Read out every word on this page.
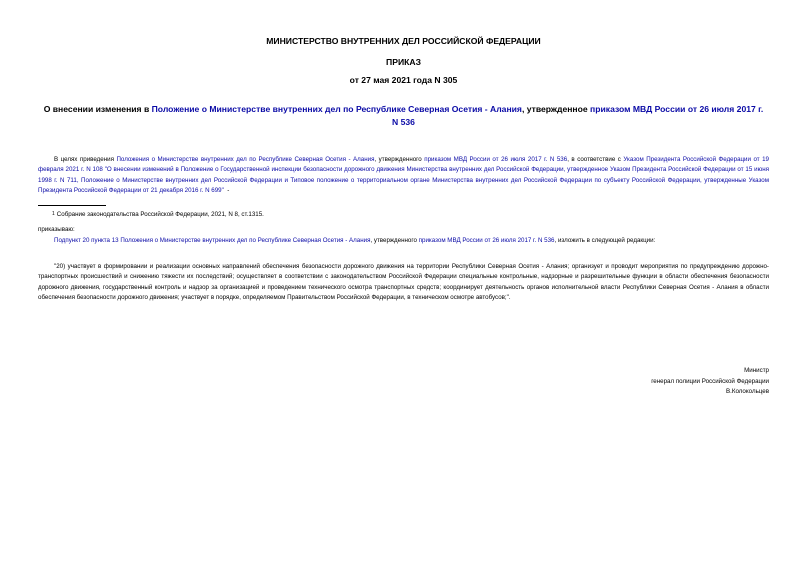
МИНИСТЕРСТВО ВНУТРЕННИХ ДЕЛ РОССИЙСКОЙ ФЕДЕРАЦИИ
ПРИКАЗ
от 27 мая 2021 года N 305
О внесении изменения в Положение о Министерстве внутренних дел по Республике Северная Осетия - Алания, утвержденное приказом МВД России от 26 июля 2017 г. N 536
В целях приведения Положения о Министерстве внутренних дел по Республике Северная Осетия - Алания, утвержденного приказом МВД России от 26 июля 2017 г. N 536, в соответствие с Указом Президента Российской Федерации от 19 февраля 2021 г. N 108 "О внесении изменений в Положение о Государственной инспекции безопасности дорожного движения Министерства внутренних дел Российской Федерации, утвержденное Указом Президента Российской Федерации от 15 июня 1998 г. N 711, Положение о Министерстве внутренних дел Российской Федерации и Типовое положение о территориальном органе Министерства внутренних дел Российской Федерации по субъекту Российской Федерации, утвержденные Указом Президента Российской Федерации от 21 декабря 2016 г. N 699"  -
$^1$ Собрание законодательства Российской Федерации, 2021, N 8, ст.1315.
приказываю:
Подпункт 20 пункта 13 Положения о Министерстве внутренних дел по Республике Северная Осетия - Алания, утвержденного приказом МВД России от 26 июля 2017 г. N 536, изложить в следующей редакции:
"20) участвует в формировании и реализации основных направлений обеспечения безопасности дорожного движения на территории Республики Северная Осетия - Алания; организует и проводит мероприятия по предупреждению дорожно-транспортных происшествий и снижению тяжести их последствий; осуществляет в соответствии с законодательством Российской Федерации специальные контрольные, надзорные и разрешительные функции в области обеспечения безопасности дорожного движения, государственный контроль и надзор за организацией и проведением технического осмотра транспортных средств; координирует деятельность органов исполнительной власти Республики Северная Осетия - Алания в области обеспечения безопасности дорожного движения; участвует в порядке, определяемом Правительством Российской Федерации, в техническом осмотре автобусов;".
Министр
генерал полиции Российской Федерации
В.Колокольцев
